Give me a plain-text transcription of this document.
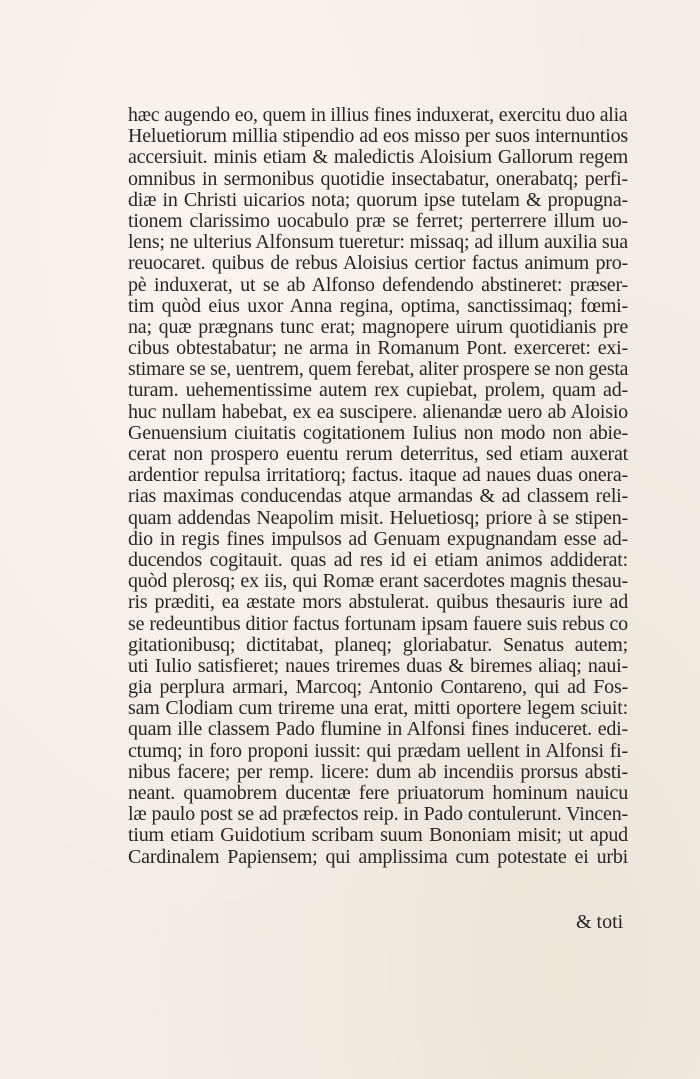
hæc augendo eo, quem in illius fines induxerat, exercitu duo alia
Heluetiorum millia stipendio ad eos misso per suos internuntios
accersiuit. minis etiam & maledictis Aloisium Gallorum regem
omnibus in sermonibus quotidie insectabatur, onerabatq; perfi-
diæ in Christi uicarios nota; quorum ipse tutelam & propugna-
tionem clarissimo uocabulo præ se ferret; perterrere illum uo-
lens; ne ulterius Alfonsum tueretur: missaq; ad illum auxilia sua
reuocaret. quibus de rebus Aloisius certior factus animum pro-
pè induxerat, ut se ab Alfonso defendendo abstineret: præser-
tim quòd eius uxor Anna regina, optima, sanctissimaq; fœmi-
na; quæ prægnans tunc erat; magnopere uirum quotidianis pre
cibus obtestabatur; ne arma in Romanum Pont. exerceret: exi-
stimare se se, uentrem, quem ferebat, aliter prospere se non gesta
turam. uehementissime autem rex cupiebat, prolem, quam ad-
huc nullam habebat, ex ea suscipere. alienandæ uero ab Aloisio
Genuensium ciuitatis cogitationem Iulius non modo non abie-
cerat non prospero euentu rerum deterritus, sed etiam auxerat
ardentior repulsa irritatiorq; factus. itaque ad naues duas onera-
rias maximas conducendas atque armandas & ad classem reli-
quam addendas Neapolim misit. Heluetiosq; priore à se stipen-
dio in regis fines impulsos ad Genuam expugnandam esse ad-
ducendos cogitauit. quas ad res id ei etiam animos addiderat:
quòd plerosq; ex iis, qui Romæ erant sacerdotes magnis thesau-
ris præditi, ea æstate mors abstulerat. quibus thesauris iure ad
se redeuntibus ditior factus fortunam ipsam fauere suis rebus co
gitationibusq; dictitabat, planeq; gloriabatur. Senatus autem;
uti Iulio satisfieret; naues triremes duas & biremes aliaq; naui-
gia perplura armari, Marcoq; Antonio Contareno, qui ad Fos-
sam Clodiam cum trireme una erat, mitti oportere legem sciuit:
quam ille classem Pado flumine in Alfonsi fines induceret. edi-
ctumq; in foro proponi iussit: qui prædam uellent in Alfonsi fi-
nibus facere; per remp. licere: dum ab incendiis prorsus absti-
neant. quamobrem ducentæ fere priuatorum hominum nauicu
læ paulo post se ad præfectos reip. in Pado contulerunt. Vincen-
tium etiam Guidotium scribam suum Bononiam misit; ut apud
Cardinalem Papiensem; qui amplissima cum potestate ei urbi
& toti
